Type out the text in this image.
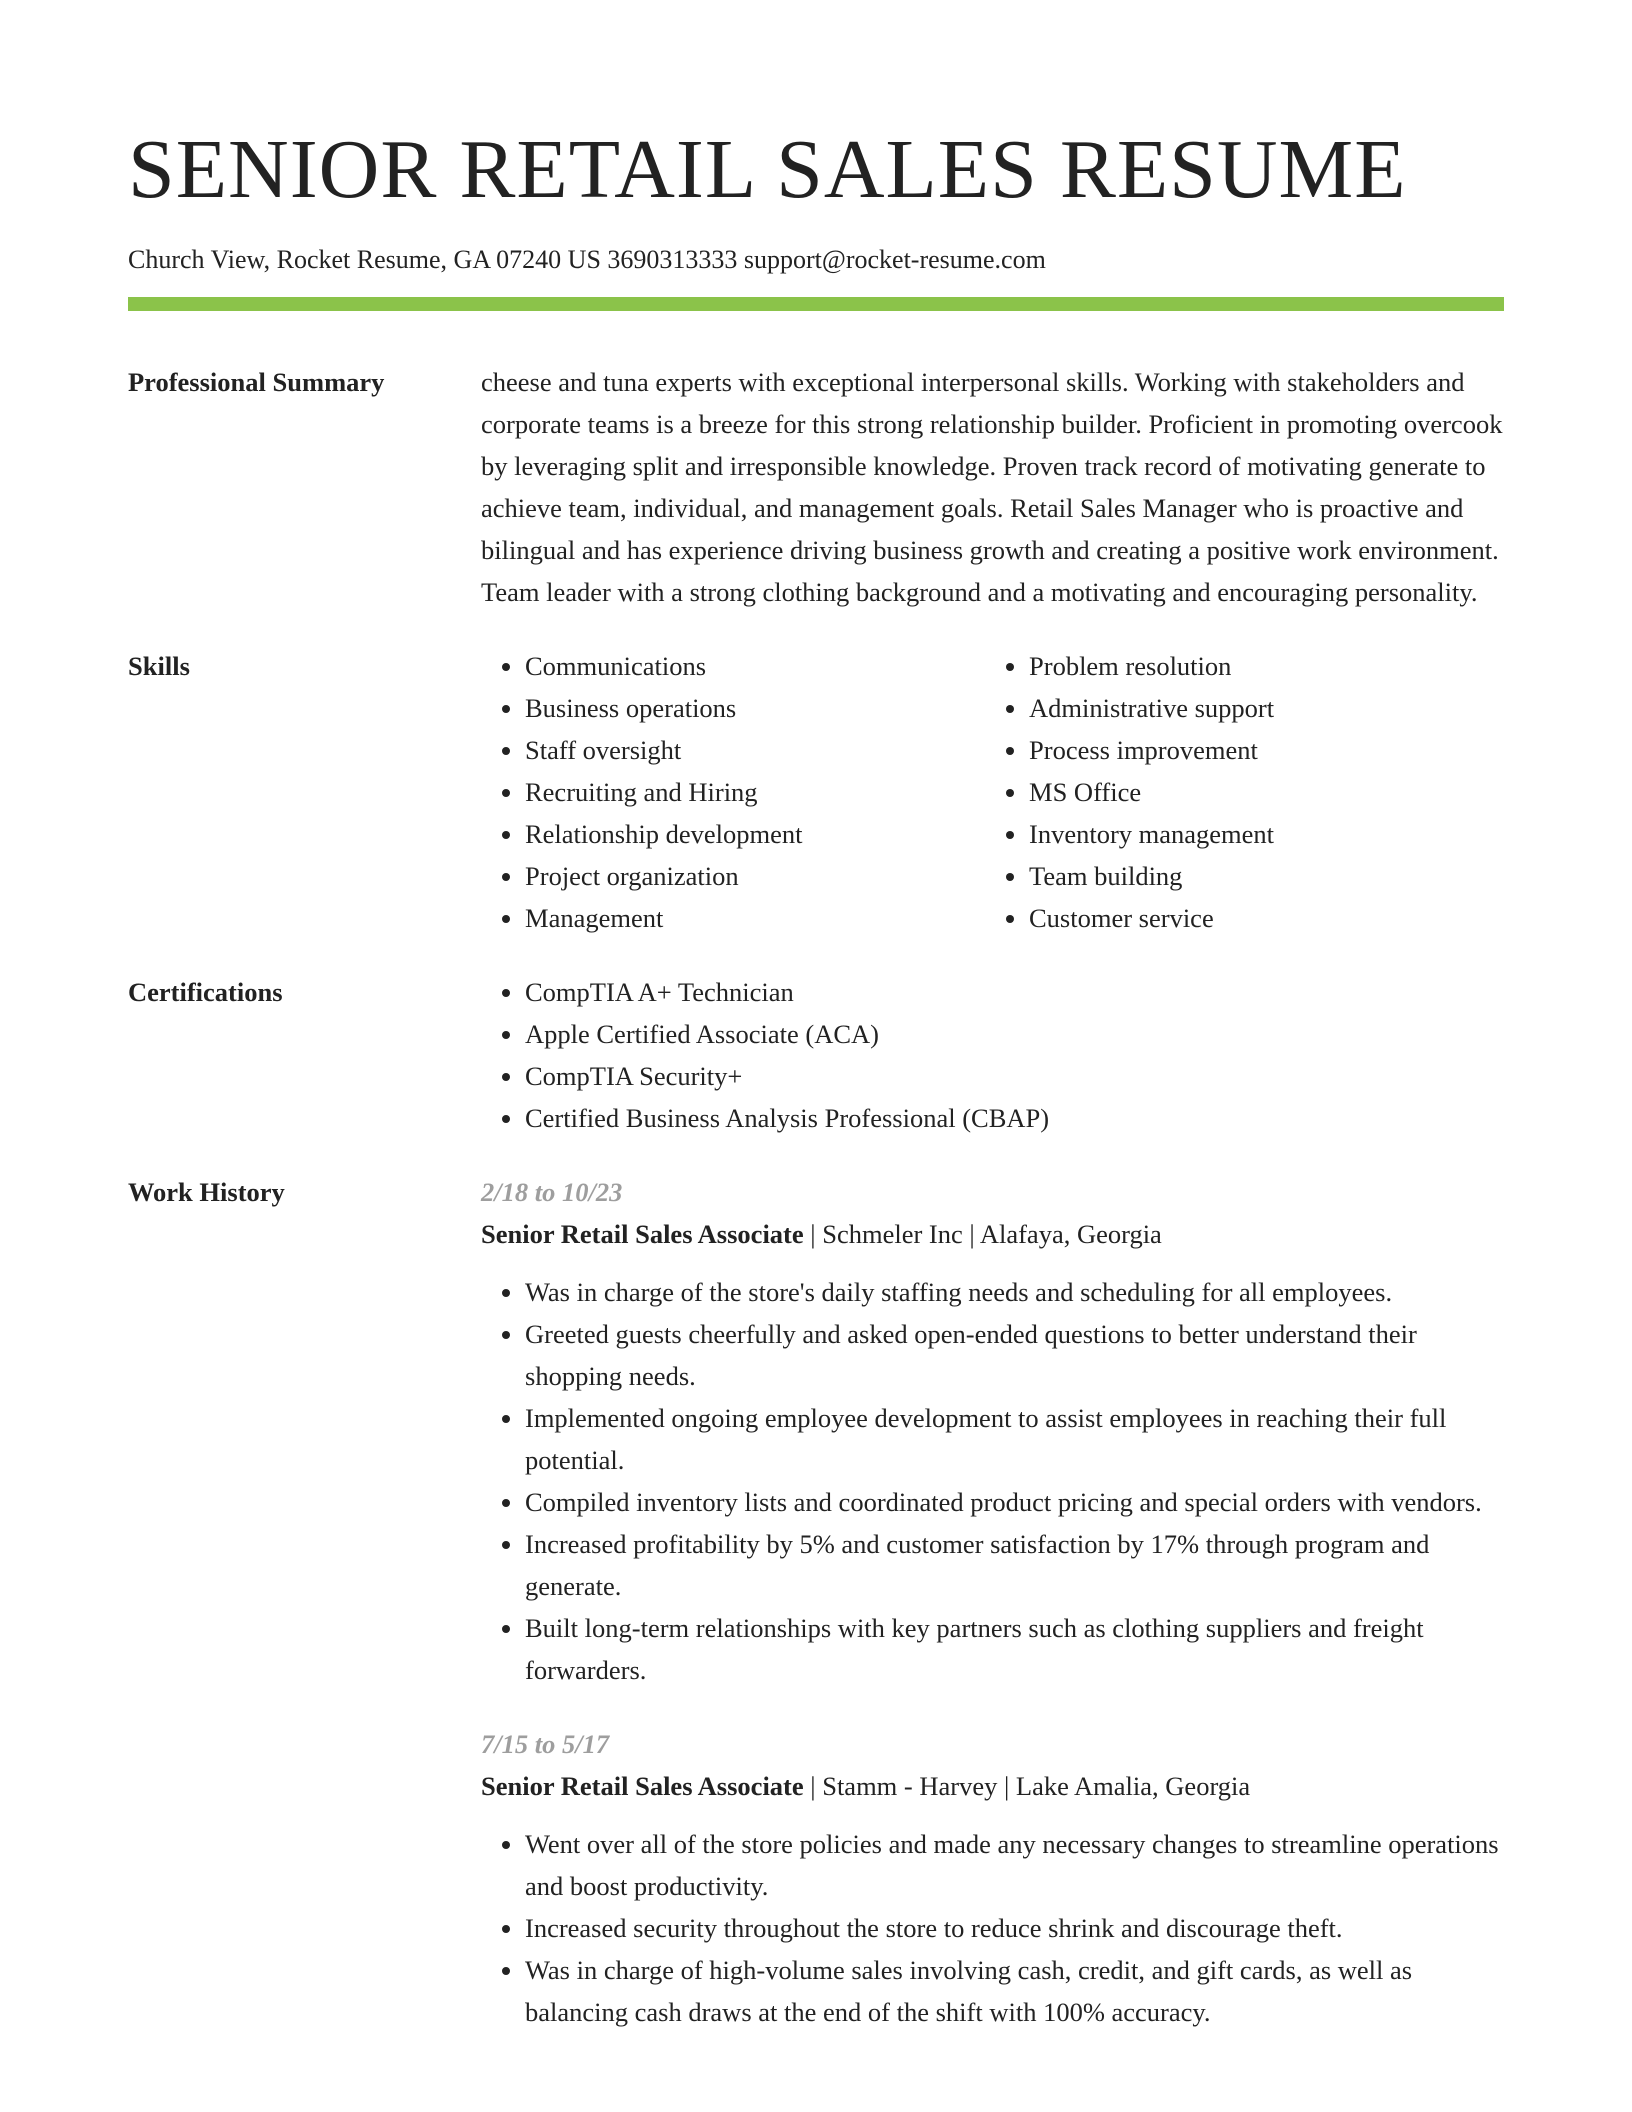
SENIOR RETAIL SALES RESUME
Church View, Rocket Resume, GA 07240 US 3690313333 support@rocket-resume.com
Professional Summary	cheese and tuna experts with exceptional interpersonal skills. Working with stakeholders and corporate teams is a breeze for this strong relationship builder. Proficient in promoting overcook by leveraging split and irresponsible knowledge. Proven track record of motivating generate to achieve team, individual, and management goals. Retail Sales Manager who is proactive and bilingual and has experience driving business growth and creating a positive work environment. Team leader with a strong clothing background and a motivating and encouraging personality.
Skills	• Communications
• Business operations
• Staff oversight
• Recruiting and Hiring
• Relationship development
• Project organization
• Management
• Problem resolution
• Administrative support
• Process improvement
• MS Office
• Inventory management
• Team building
• Customer service
Certifications	• CompTIA A+ Technician
• Apple Certified Associate (ACA)
• CompTIA Security+
• Certified Business Analysis Professional (CBAP)
Work History	2/18 to 10/23
Senior Retail Sales Associate | Schmeler Inc | Alafaya, Georgia
• Was in charge of the store's daily staffing needs and scheduling for all employees.
• Greeted guests cheerfully and asked open-ended questions to better understand their shopping needs.
• Implemented ongoing employee development to assist employees in reaching their full potential.
• Compiled inventory lists and coordinated product pricing and special orders with vendors.
• Increased profitability by 5% and customer satisfaction by 17% through program and generate.
• Built long-term relationships with key partners such as clothing suppliers and freight forwarders.
7/15 to 5/17
Senior Retail Sales Associate | Stamm - Harvey | Lake Amalia, Georgia
• Went over all of the store policies and made any necessary changes to streamline operations and boost productivity.
• Increased security throughout the store to reduce shrink and discourage theft.
• Was in charge of high-volume sales involving cash, credit, and gift cards, as well as balancing cash draws at the end of the shift with 100% accuracy.
